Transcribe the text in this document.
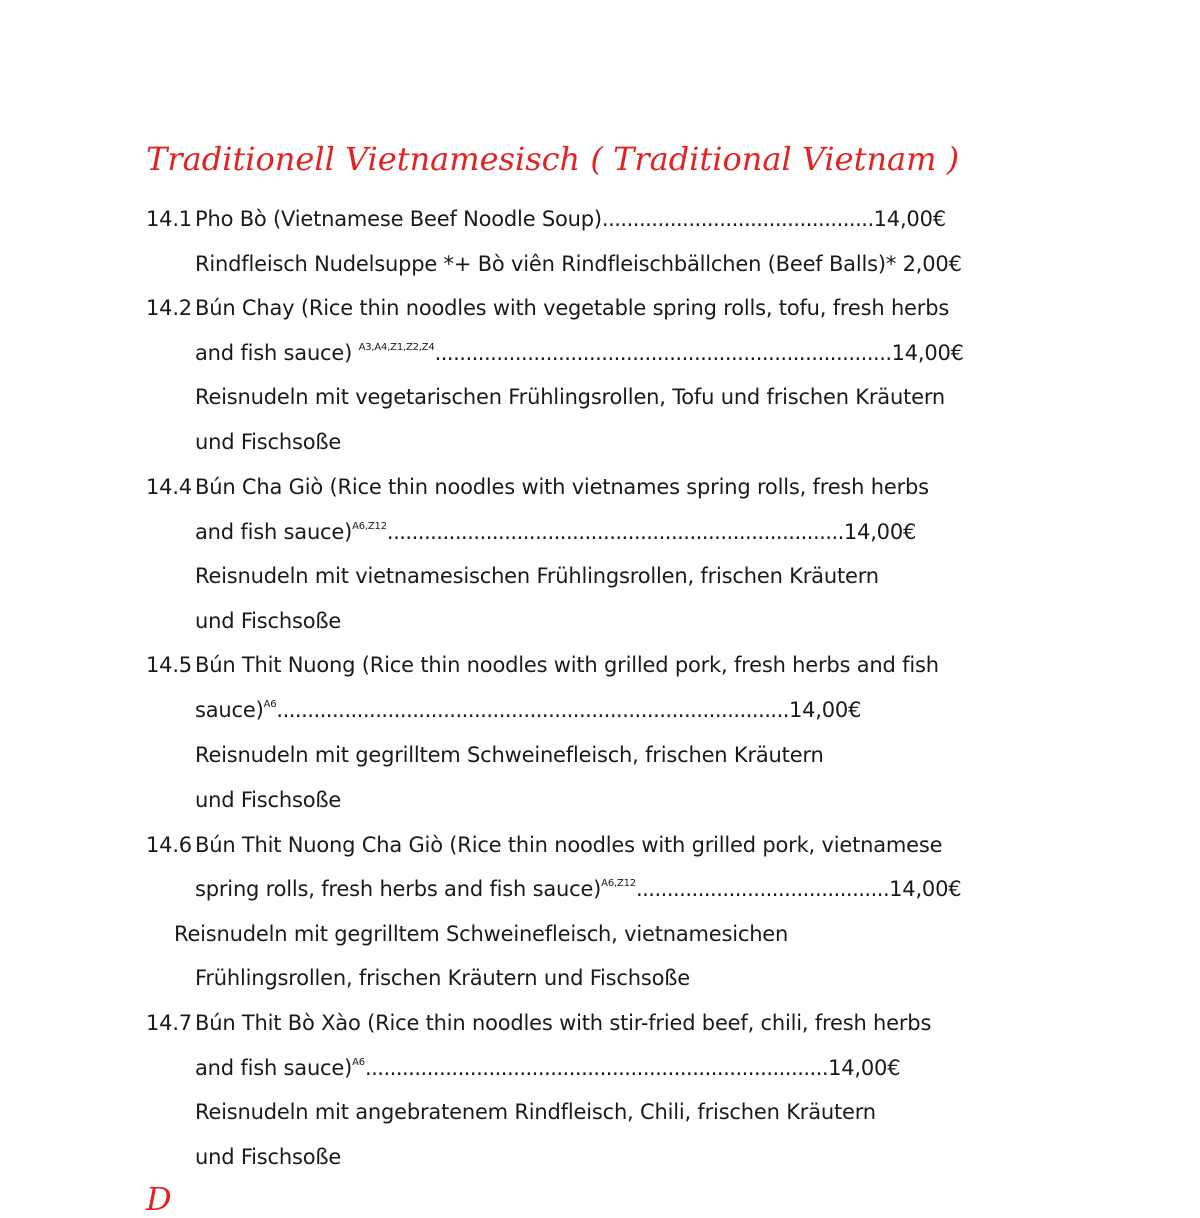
Traditionell Vietnamesisch ( Traditional Vietnam )
14.1 Pho Bò (Vietnamese Beef Noodle Soup)............................................14,00€
Rindfleisch Nudelsuppe *+ Bò viên Rindfleischbällchen (Beef Balls)* 2,00€
14.2 Bún Chay (Rice thin noodles with vegetable spring rolls, tofu, fresh herbs
and fish sauce) $^{A3,A4,Z1,Z2,Z4}$..........................................................................14,00€
Reisnudeln mit vegetarischen Frühlingsrollen, Tofu und frischen Kräutern
und Fischsoße
14.4 Bún Cha Giò (Rice thin noodles with vietnames spring rolls, fresh herbs
and fish sauce)$^{A6,Z12}$..........................................................................14,00€
Reisnudeln mit vietnamesischen Frühlingsrollen, frischen Kräutern
und Fischsoße
14.5 Bún Thit Nuong (Rice thin noodles with grilled pork, fresh herbs and fish
sauce)$^{A6}$...................................................................................14,00€
Reisnudeln mit gegrilltem Schweinefleisch, frischen Kräutern
und Fischsoße
14.6 Bún Thit Nuong Cha Giò (Rice thin noodles with grilled pork, vietnamese
spring rolls, fresh herbs and fish sauce)$^{A6,Z12}$.........................................14,00€
Reisnudeln mit gegrilltem Schweinefleisch, vietnamesichen
Frühlingsrollen, frischen Kräutern und Fischsoße
14.7 Bún Thit Bò Xào (Rice thin noodles with stir-fried beef, chili, fresh herbs
and fish sauce)$^{A6}$...........................................................................14,00€
Reisnudeln mit angebratenem Rindfleisch, Chili, frischen Kräutern
und Fischsoße
D
